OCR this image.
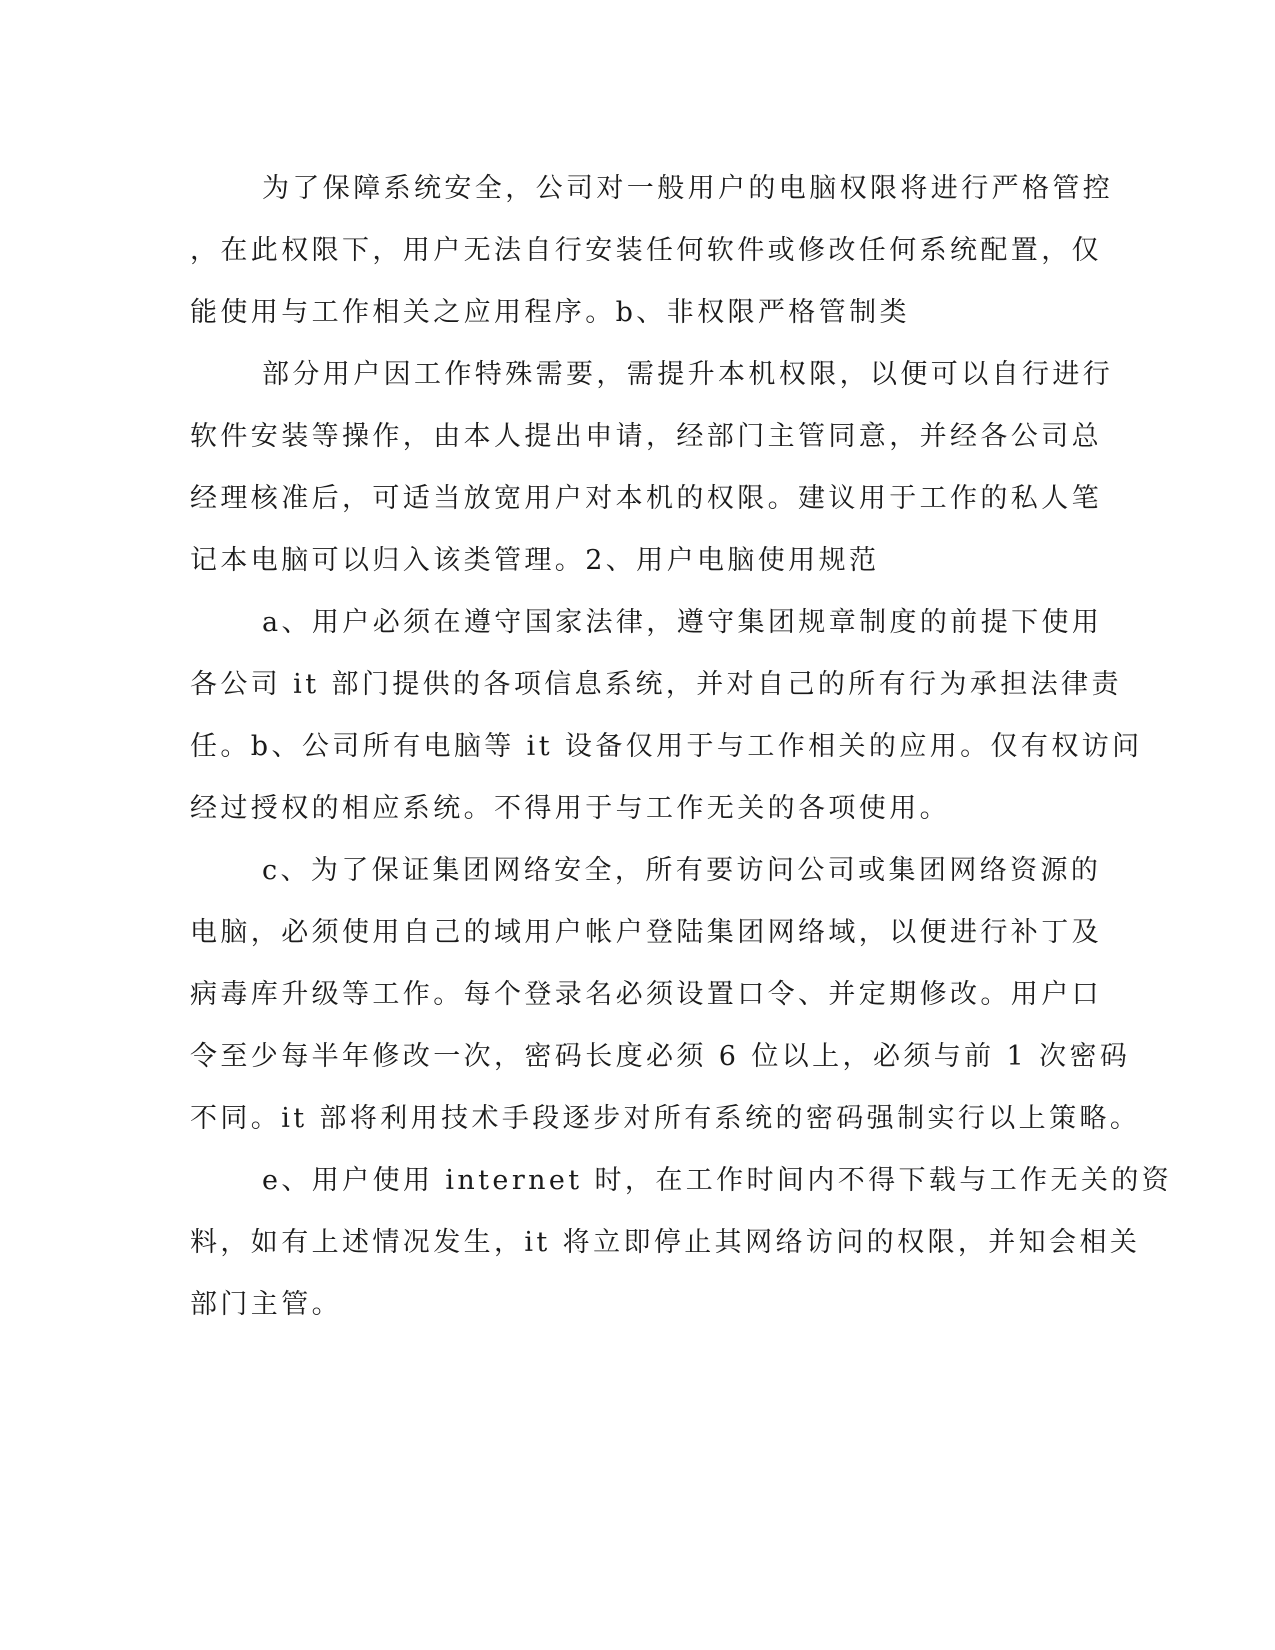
为了保障系统安全，公司对一般用户的电脑权限将进行严格管控
，在此权限下，用户无法自行安装任何软件或修改任何系统配置，仅
能使用与工作相关之应用程序。b、非权限严格管制类
部分用户因工作特殊需要，需提升本机权限，以便可以自行进行
软件安装等操作，由本人提出申请，经部门主管同意，并经各公司总
经理核准后，可适当放宽用户对本机的权限。建议用于工作的私人笔
记本电脑可以归入该类管理。2、用户电脑使用规范
a、用户必须在遵守国家法律，遵守集团规章制度的前提下使用
各公司 it 部门提供的各项信息系统，并对自己的所有行为承担法律责
任。b、公司所有电脑等 it 设备仅用于与工作相关的应用。仅有权访问
经过授权的相应系统。不得用于与工作无关的各项使用。
c、为了保证集团网络安全，所有要访问公司或集团网络资源的
电脑，必须使用自己的域用户帐户登陆集团网络域，以便进行补丁及
病毒库升级等工作。每个登录名必须设置口令、并定期修改。用户口
令至少每半年修改一次，密码长度必须 6 位以上，必须与前 1 次密码
不同。it 部将利用技术手段逐步对所有系统的密码强制实行以上策略。
e、用户使用 internet 时，在工作时间内不得下载与工作无关的资
料，如有上述情况发生，it 将立即停止其网络访问的权限，并知会相关
部门主管。
